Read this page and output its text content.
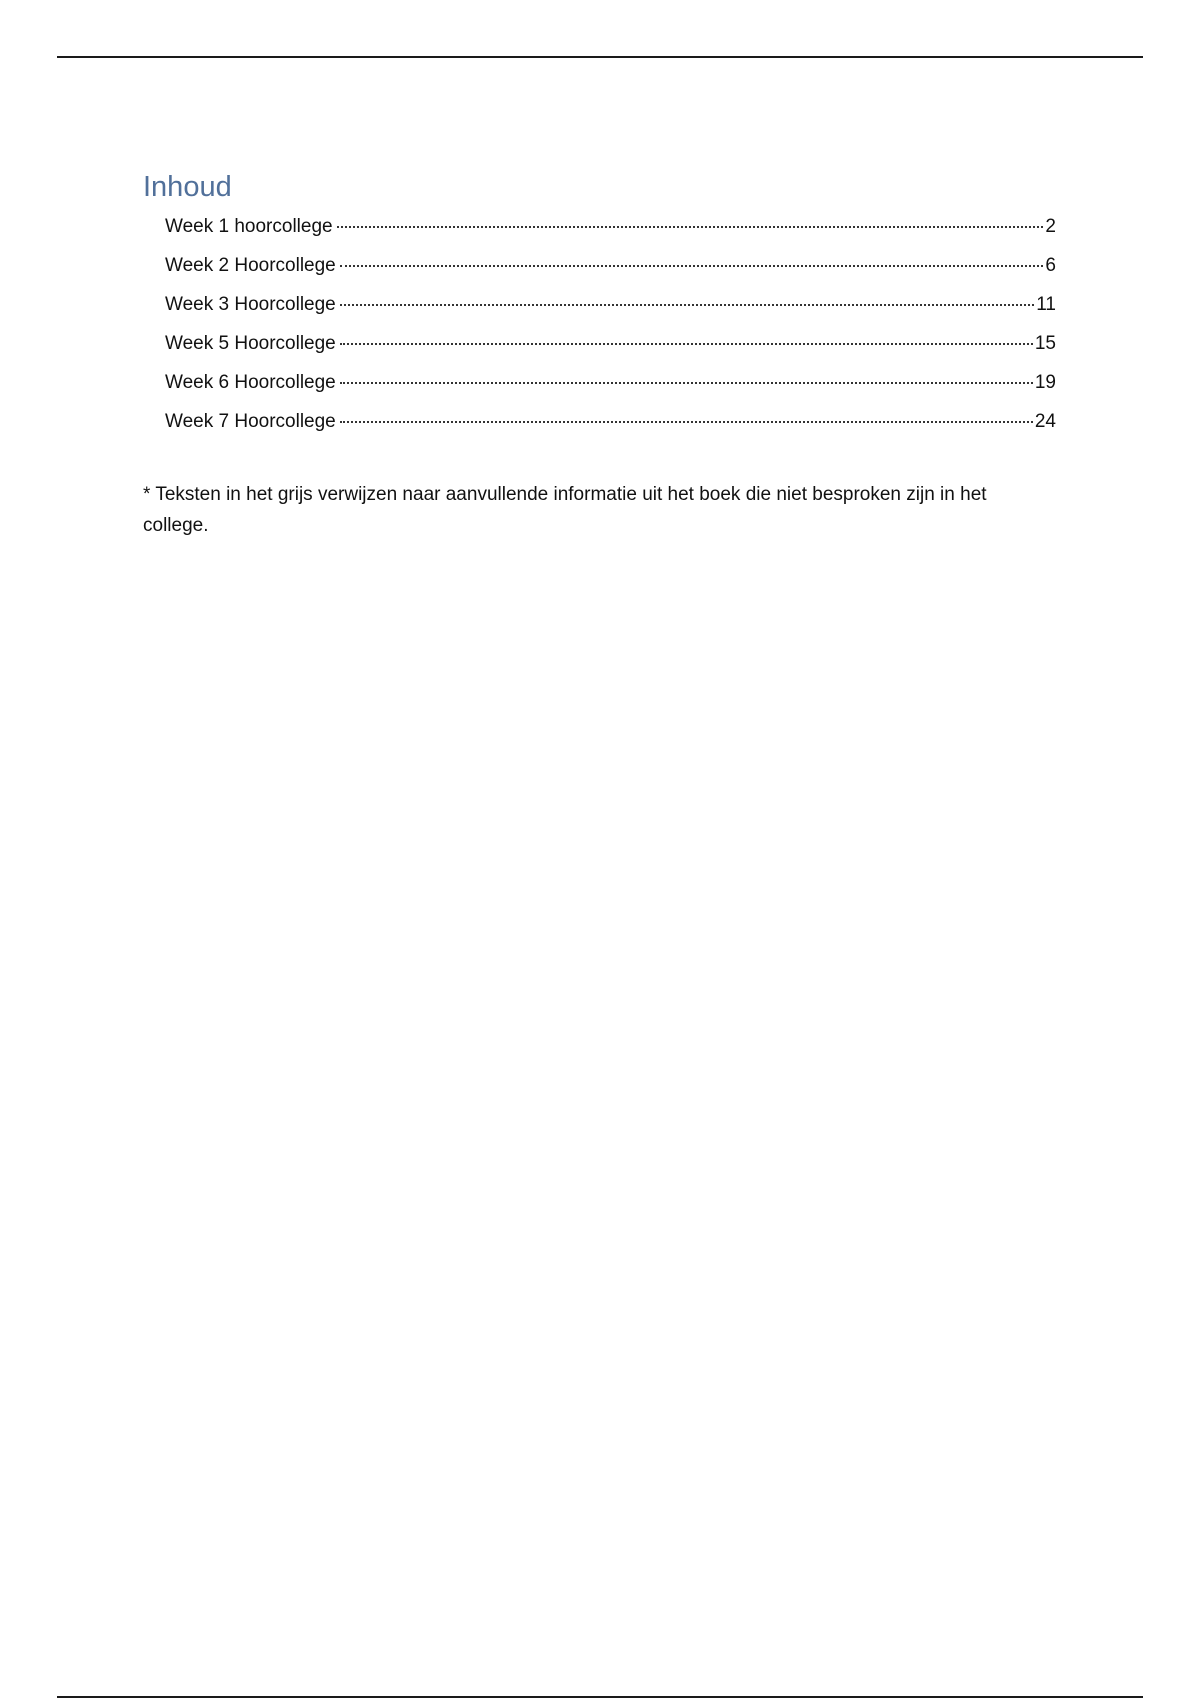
Inhoud
Week 1 hoorcollege	2
Week 2 Hoorcollege	6
Week 3 Hoorcollege	11
Week 5 Hoorcollege	15
Week 6 Hoorcollege	19
Week 7 Hoorcollege	24

* Teksten in het grijs verwijzen naar aanvullende informatie uit het boek die niet besproken zijn in het college.
